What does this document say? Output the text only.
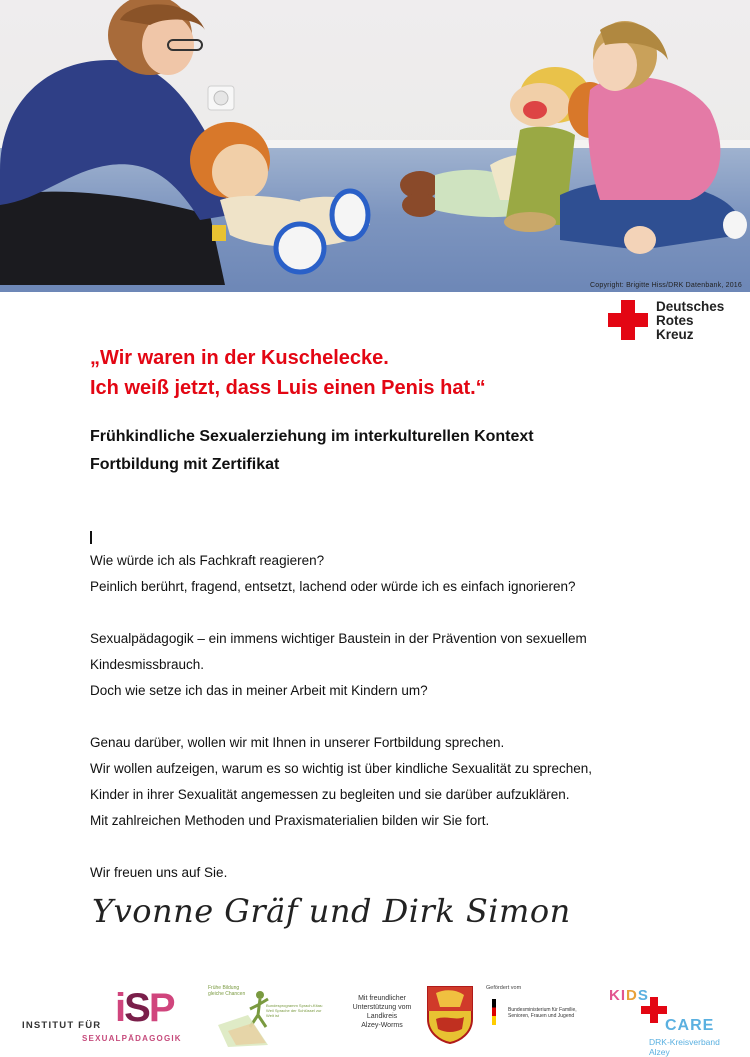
Copyright: Brigitte Hiss/DRK Datenbank, 2016
Deutsches
Rotes
Kreuz
„Wir waren in der Kuschelecke.
Ich weiß jetzt, dass Luis einen Penis hat.“
Frühkindliche Sexualerziehung im interkulturellen Kontext
Fortbildung mit Zertifikat

Wie würde ich als Fachkraft reagieren?
Peinlich berührt, fragend, entsetzt, lachend oder würde ich es einfach ignorieren?

Sexualpädagogik – ein immens wichtiger Baustein in der Prävention von sexuellem
Kindesmissbrauch.
Doch wie setze ich das in meiner Arbeit mit Kindern um?

Genau darüber, wollen wir mit Ihnen in unserer Fortbildung sprechen.
Wir wollen aufzeigen, warum es so wichtig ist über kindliche Sexualität zu sprechen,
Kinder in ihrer Sexualität angemessen zu begleiten und sie darüber aufzuklären.
Mit zahlreichen Methoden und Praxismaterialien bilden wir Sie fort.

Wir freuen uns auf Sie.

Yvonne Gräf und Dirk Simon
INSTITUT FÜR iSP
SEXUALPÄDAGOGIK
Frühe Bildung gleiche Chancen
Bundesprogramm Sprach-Kitas: Weil Sprache der Schlüssel zur Welt ist
Mit freundlicher
Unterstützung vom
Landkreis
Alzey-Worms
Gefördert vom
Bundesministerium für Familie, Senioren, Frauen und Jugend
KIDS
CARE
DRK-Kreisverband Alzey
